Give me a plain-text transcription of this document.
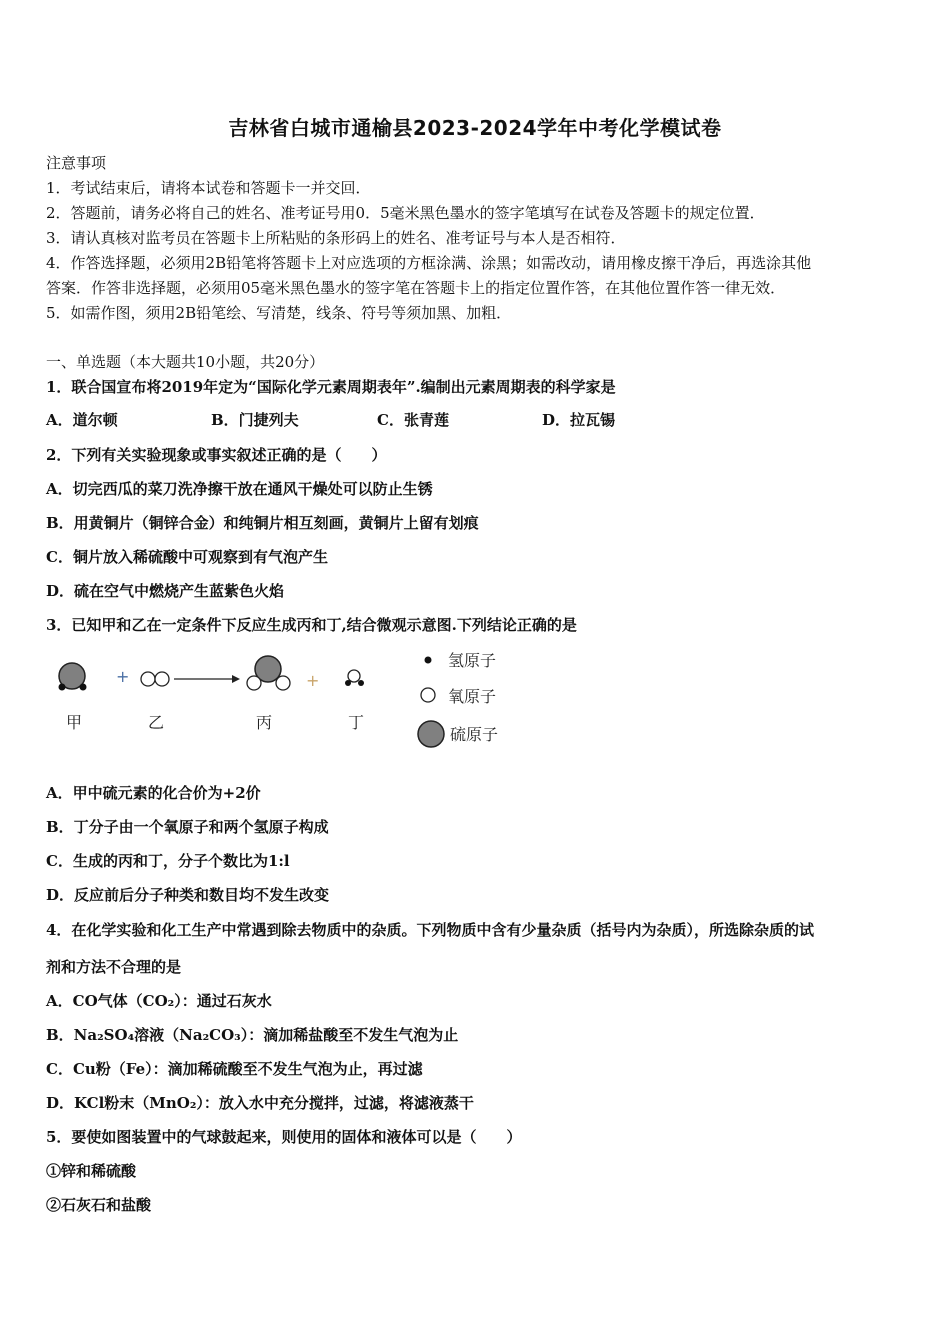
吉林省白城市通榆县2023-2024学年中考化学模试卷
注意事项
1．考试结束后，请将本试卷和答题卡一并交回．
2．答题前，请务必将自己的姓名、准考证号用0．5毫米黑色墨水的签字笔填写在试卷及答题卡的规定位置．
3．请认真核对监考员在答题卡上所粘贴的条形码上的姓名、准考证号与本人是否相符．
4．作答选择题，必须用2B铅笔将答题卡上对应选项的方框涂满、涂黑；如需改动，请用橡皮擦干净后，再选涂其他
答案．作答非选择题，必须用05毫米黑色墨水的签字笔在答题卡上的指定位置作答，在其他位置作答一律无效．
5．如需作图，须用2B铅笔绘、写清楚，线条、符号等须加黑、加粗．
一、单选题（本大题共10小题，共20分）
1．联合国宣布将2019年定为“国际化学元素周期表年”.编制出元素周期表的科学家是
A．道尔顿	B．门捷列夫	C．张青莲	D．拉瓦锡
2．下列有关实验现象或事实叙述正确的是（　　）
A．切完西瓜的菜刀洗净擦干放在通风干燥处可以防止生锈
B．用黄铜片（铜锌合金）和纯铜片相互刻画，黄铜片上留有划痕
C．铜片放入稀硫酸中可观察到有气泡产生
D．硫在空气中燃烧产生蓝紫色火焰
3．已知甲和乙在一定条件下反应生成丙和丁,结合微观示意图.下列结论正确的是
+	+
甲	乙	丙	丁
氢原子
氧原子
硫原子
A．甲中硫元素的化合价为+2价
B．丁分子由一个氧原子和两个氢原子构成
C．生成的丙和丁，分子个数比为1:l
D．反应前后分子种类和数目均不发生改变
4．在化学实验和化工生产中常遇到除去物质中的杂质。下列物质中含有少量杂质（括号内为杂质），所选除杂质的试
剂和方法不合理的是
A．CO气体（CO₂）：通过石灰水
B．Na₂SO₄溶液（Na₂CO₃）：滴加稀盐酸至不发生气泡为止
C．Cu粉（Fe）：滴加稀硫酸至不发生气泡为止，再过滤
D．KCl粉末（MnO₂）：放入水中充分搅拌，过滤，将滤液蒸干
5．要使如图装置中的气球鼓起来，则使用的固体和液体可以是（　　）
①锌和稀硫酸
②石灰石和盐酸
